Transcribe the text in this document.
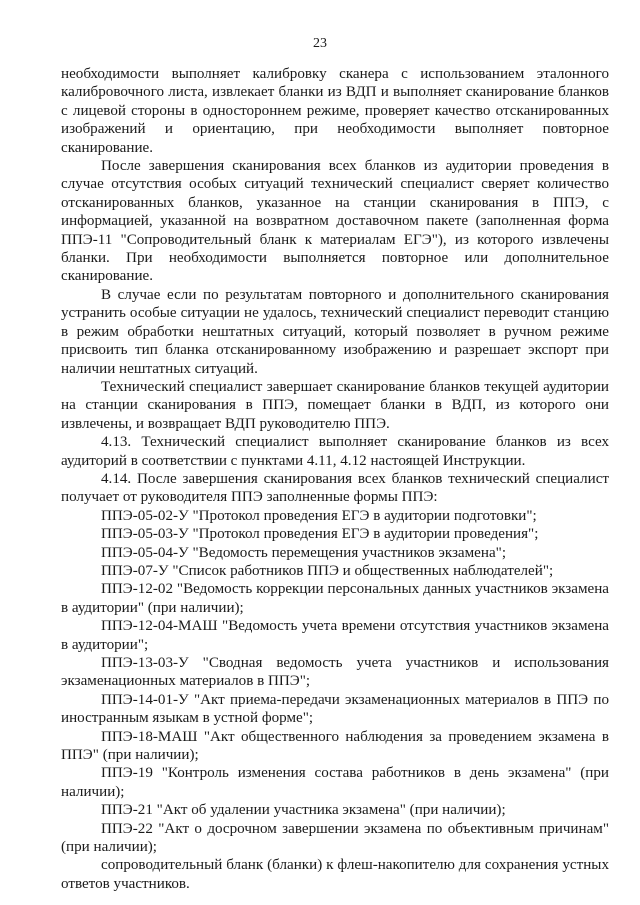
23

необходимости выполняет калибровку сканера с использованием эталонного калибровочного листа, извлекает бланки из ВДП и выполняет сканирование бланков с лицевой стороны в одностороннем режиме, проверяет качество отсканированных изображений и ориентацию, при необходимости выполняет повторное сканирование.

После завершения сканирования всех бланков из аудитории проведения в случае отсутствия особых ситуаций технический специалист сверяет количество отсканированных бланков, указанное на станции сканирования в ППЭ, с информацией, указанной на возвратном доставочном пакете (заполненная форма ППЭ-11 "Сопроводительный бланк к материалам ЕГЭ"), из которого извлечены бланки. При необходимости выполняется повторное или дополнительное сканирование.

В случае если по результатам повторного и дополнительного сканирования устранить особые ситуации не удалось, технический специалист переводит станцию в режим обработки нештатных ситуаций, который позволяет в ручном режиме присвоить тип бланка отсканированному изображению и разрешает экспорт при наличии нештатных ситуаций.

Технический специалист завершает сканирование бланков текущей аудитории на станции сканирования в ППЭ, помещает бланки в ВДП, из которого они извлечены, и возвращает ВДП руководителю ППЭ.

4.13. Технический специалист выполняет сканирование бланков из всех аудиторий в соответствии с пунктами 4.11, 4.12 настоящей Инструкции.

4.14. После завершения сканирования всех бланков технический специалист получает от руководителя ППЭ заполненные формы ППЭ:

ППЭ-05-02-У "Протокол проведения ЕГЭ в аудитории подготовки";

ППЭ-05-03-У "Протокол проведения ЕГЭ в аудитории проведения";

ППЭ-05-04-У "Ведомость перемещения участников экзамена";

ППЭ-07-У "Список работников ППЭ и общественных наблюдателей";

ППЭ-12-02 "Ведомость коррекции персональных данных участников экзамена в аудитории" (при наличии);

ППЭ-12-04-МАШ "Ведомость учета времени отсутствия участников экзамена в аудитории";

ППЭ-13-03-У "Сводная ведомость учета участников и использования экзаменационных материалов в ППЭ";

ППЭ-14-01-У "Акт приема-передачи экзаменационных материалов в ППЭ по иностранным языкам в устной форме";

ППЭ-18-МАШ "Акт общественного наблюдения за проведением экзамена в ППЭ" (при наличии);

ППЭ-19 "Контроль изменения состава работников в день экзамена" (при наличии);

ППЭ-21 "Акт об удалении участника экзамена" (при наличии);

ППЭ-22 "Акт о досрочном завершении экзамена по объективным причинам" (при наличии);

сопроводительный бланк (бланки) к флеш-накопителю для сохранения устных ответов участников.
